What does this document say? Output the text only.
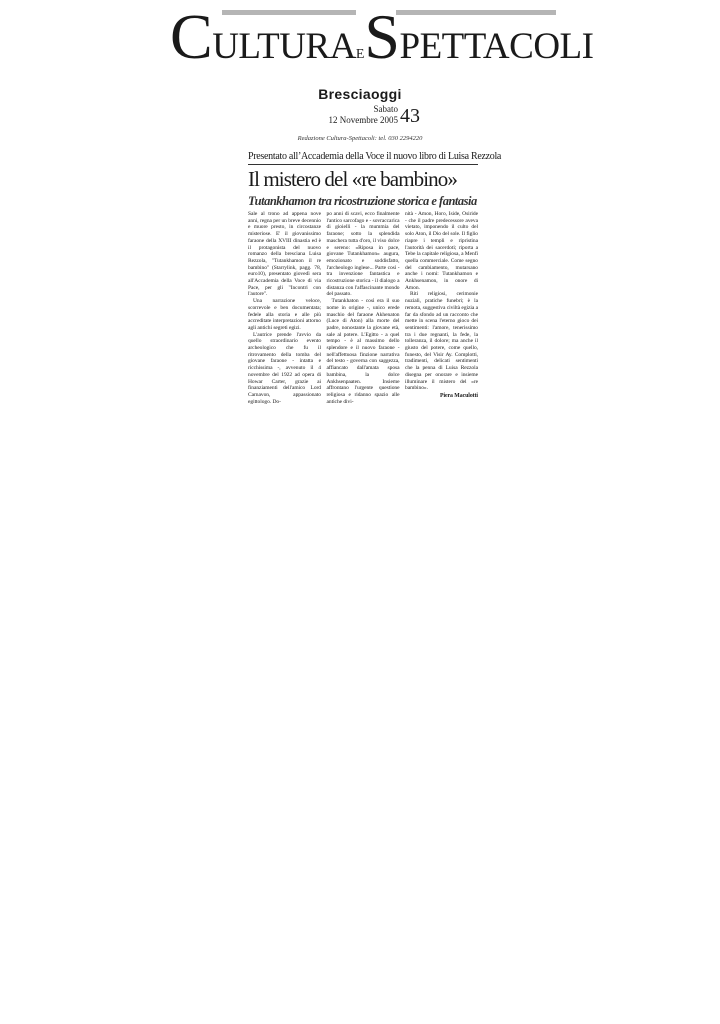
CULTURAESPETTACOLI
Bresciaoggi
Sabato
12 Novembre 2005 43
Redazione Cultura-Spettacoli: tel. 030 2294220
Presentato all’Accademia della Voce il nuovo libro di Luisa Rezzola
Il mistero del «re bambino»
Tutankhamon tra ricostruzione storica e fantasia

Sale al trono ad appena nove anni, regna per un breve decennio e muore presto, in circostanze misteriose. E' il giovanissimo faraone della XVIII dinastia ed è il protagonista del nuovo romanzo della bresciana Luisa Rezzola, "Tutankhamon il re bambino" (Starrylink, pagg. 78, euro10), presentato giovedì sera all'Accademia della Voce di via Pace, per gli "Incontri con l'autore".

Una narrazione veloce, scorrevole e ben documentata; fedele alla storia e alle più accreditate interpretazioni attorno agli antichi segreti egizi.

L'autrice prende l'avvio da quello straordinario evento archeologico che fu il ritrovamento della tomba del giovane faraone - intatta e ricchissima -, avvenuto il 4 novembre del 1922 ad opera di Howar Carter, grazie ai finanziamenti dell'amico Lord Carnavon, appassionato egittologo. Do-

po anni di scavi, ecco finalmente l'antico sarcofago e - sovraccarica di gioielli - la mummia del faraone; sotto la splendida maschera tutta d'oro, il viso dolce e sereno: «Riposa in pace, giovane Tutankhamon» augura, emozionato e soddisfatto, l'archeologo inglese... Parte così - tra invenzione fantastica e ricostruzione storica - il dialogo a distanza con l'affascinante mondo del passato.

Tutankhaton - così era il suo nome in origine -, unico erede maschio del faraone Akhenaton (Luce di Aton) alla morte del padre, nonostante la giovane età, sale al potere. L'Egitto - a quel tempo - è al massimo dello splendore e il nuovo faraone - nell'affettuosa finzione narrativa del testo - governa con saggezza, affiancato dall'amata sposa bambina, la dolce Ankhsenpaaten. Insieme affrontano l'urgente questione religiosa e ridanno spazio alle antiche divi-

nità - Amon, Horo, Iside, Osiride - che il padre predecessore aveva vietato, imponendo il culto del solo Aton, il Dio del sole. Il figlio riapre i templi e ripristina l'autorità dei sacerdoti; riporta a Tebe la capitale religiosa, a Menfi quella commerciale. Come segno del cambiamento, mutarsano anche i nomi: Tutankhamon e Ankhsenamon, in onore di Amon.

Riti religiosi, cerimonie nuziali, pratiche funebri; è la remota, suggestiva civiltà egizia a far da sfondo ad un racconto che mette in scena l'eterno gioco dei sentimenti: l'amore, tenerissimo tra i due regnanti, la fede, la tolleranza, il dolore; ma anche il giusto del potere, come quello, funesto, del Visir Ay. Complotti, tradimenti, delicati sentimenti che la penna di Luisa Rezzola disegna per onorare e insieme illuminare il mistero del «re bambino».

Piera Maculotti
